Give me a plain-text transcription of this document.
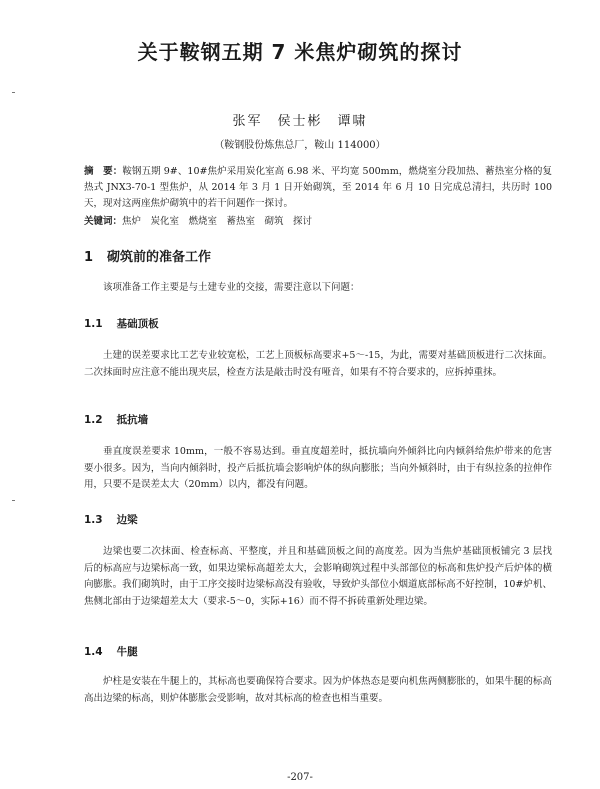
关于鞍钢五期 7 米焦炉砌筑的探讨
张军　侯士彬　谭啸
（鞍钢股份炼焦总厂，鞍山 114000）
摘　要：鞍钢五期 9#、10#焦炉采用炭化室高 6.98 米、平均宽 500mm，燃烧室分段加热、蓄热室分格的复热式 JNX3-70-1 型焦炉，从 2014 年 3 月 1 日开始砌筑，至 2014 年 6 月 10 日完成总清扫，共历时 100 天，现对这两座焦炉砌筑中的若干问题作一探讨。
关键词：焦炉　炭化室　燃烧室　蓄热室　砌筑　探讨
1 砌筑前的准备工作
该项准备工作主要是与土建专业的交接，需要注意以下问题：
1.1 基础顶板
土建的误差要求比工艺专业较宽松，工艺上顶板标高要求+5～-15，为此，需要对基础顶板进行二次抹面。二次抹面时应注意不能出现夹层，检查方法是敲击时没有哑音，如果有不符合要求的，应拆掉重抹。
1.2 抵抗墙
垂直度误差要求 10mm，一般不容易达到。垂直度超差时，抵抗墙向外倾斜比向内倾斜给焦炉带来的危害要小很多。因为，当向内倾斜时，投产后抵抗墙会影响炉体的纵向膨胀；当向外倾斜时，由于有纵拉条的拉伸作用，只要不是误差太大（20mm）以内，都没有问题。
1.3 边梁
边梁也要二次抹面、检查标高、平整度，并且和基础顶板之间的高度差。因为当焦炉基础顶板铺完 3 层找后的标高应与边梁标高一致，如果边梁标高超差太大，会影响砌筑过程中头部部位的标高和焦炉投产后炉体的横向膨胀。我们砌筑时，由于工序交接时边梁标高没有验收，导致炉头部位小烟道底部标高不好控制，10#炉机、焦侧北部由于边梁超差太大（要求-5～0，实际+16）而不得不拆砖重新处理边梁。
1.4 牛腿
炉柱是安装在牛腿上的，其标高也要确保符合要求。因为炉体热态是要向机焦两侧膨胀的，如果牛腿的标高高出边梁的标高，则炉体膨胀会受影响，故对其标高的检查也相当重要。
-207-
